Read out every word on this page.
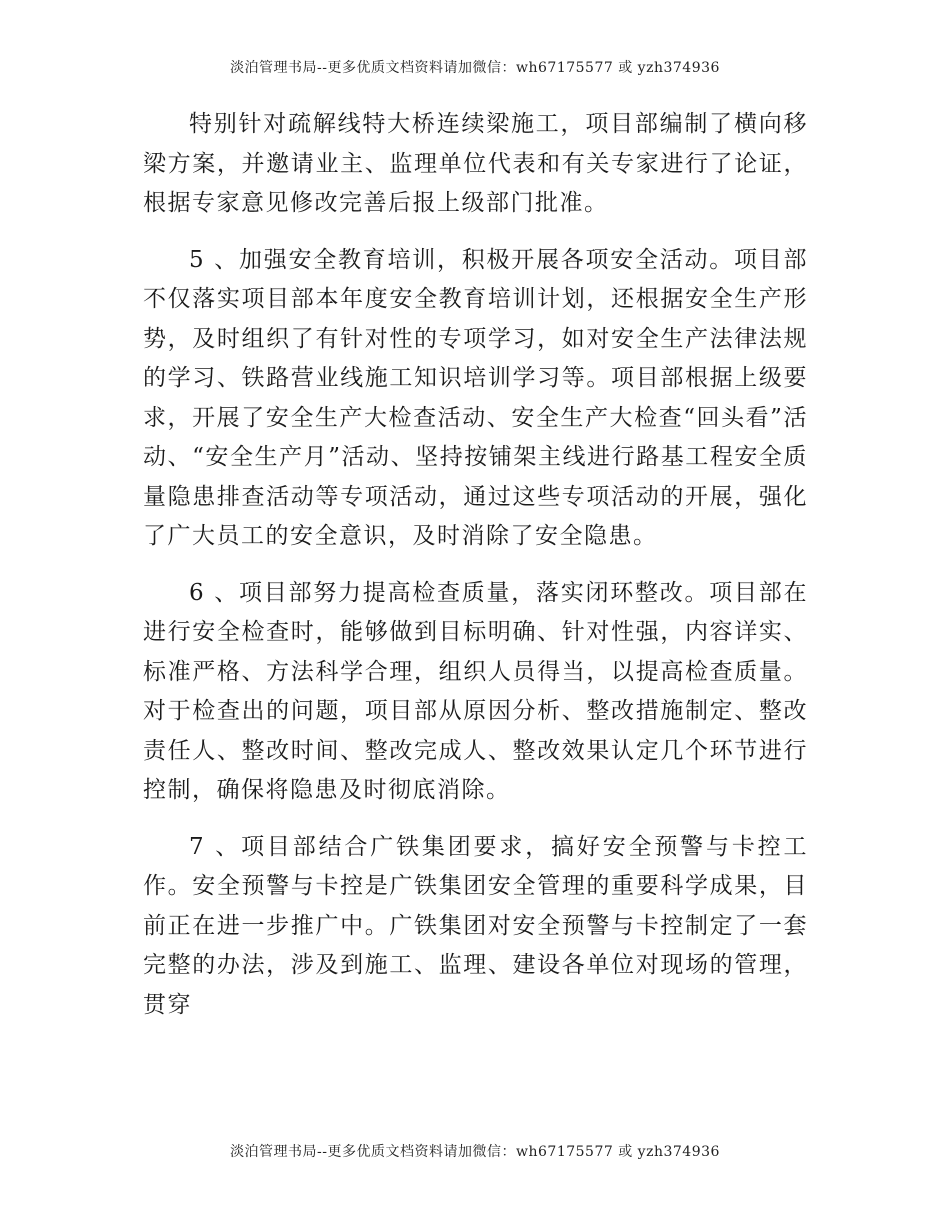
淡泊管理书局--更多优质文档资料请加微信：wh67175577 或 yzh374936

特别针对疏解线特大桥连续梁施工，项目部编制了横向移梁方案，并邀请业主、监理单位代表和有关专家进行了论证，根据专家意见修改完善后报上级部门批准。

5 、加强安全教育培训，积极开展各项安全活动。项目部不仅落实项目部本年度安全教育培训计划，还根据安全生产形势，及时组织了有针对性的专项学习，如对安全生产法律法规的学习、铁路营业线施工知识培训学习等。项目部根据上级要求，开展了安全生产大检查活动、安全生产大检查“回头看”活动、“安全生产月”活动、坚持按铺架主线进行路基工程安全质量隐患排查活动等专项活动，通过这些专项活动的开展，强化了广大员工的安全意识，及时消除了安全隐患。

6 、项目部努力提高检查质量，落实闭环整改。项目部在进行安全检查时，能够做到目标明确、针对性强，内容详实、标准严格、方法科学合理，组织人员得当，以提高检查质量。对于检查出的问题，项目部从原因分析、整改措施制定、整改责任人、整改时间、整改完成人、整改效果认定几个环节进行控制，确保将隐患及时彻底消除。

7 、项目部结合广铁集团要求，搞好安全预警与卡控工作。安全预警与卡控是广铁集团安全管理的重要科学成果，目前正在进一步推广中。广铁集团对安全预警与卡控制定了一套完整的办法，涉及到施工、监理、建设各单位对现场的管理，贯穿

淡泊管理书局--更多优质文档资料请加微信：wh67175577 或 yzh374936
